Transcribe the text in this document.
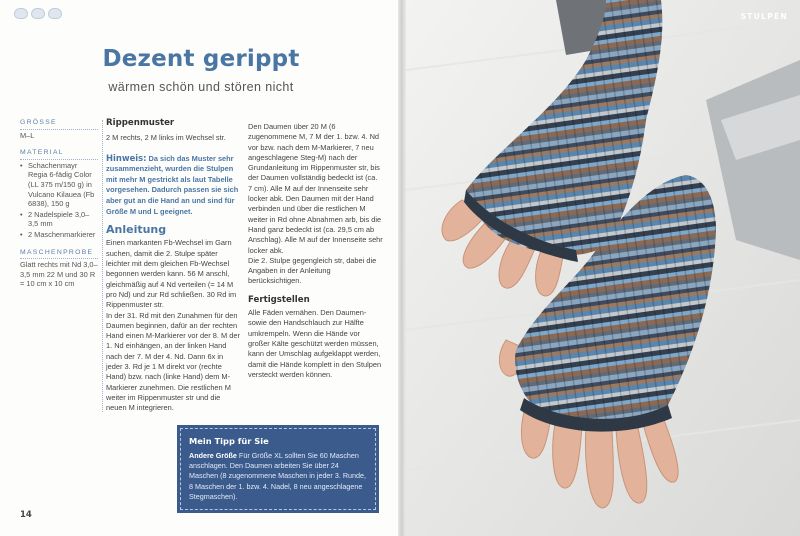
Dezent gerippt
wärmen schön und stören nicht
GRÖSSE
M–L
MATERIAL
• Schachenmayr Regia 6-fädig Color (LL 375 m/150 g) in Vulcano Kilauea (Fb 6838), 150 g
• 2 Nadelspiele 3,0–3,5 mm
• 2 Maschenmarkierer
MASCHENPROBE
Glatt rechts mit Nd 3,0–3,5 mm 22 M und 30 R = 10 cm x 10 cm
Rippenmuster

2 M rechts, 2 M links im Wechsel str.

Hinweis: Da sich das Muster sehr zusammenzieht, wurden die Stulpen mit mehr M gestrickt als laut Tabelle vorgesehen. Dadurch passen sie sich aber gut an die Hand an und sind für Größe M und L geeignet.
Anleitung

Einen markanten Fb-Wechsel im Garn suchen, damit die 2. Stulpe später leichter mit dem gleichen Fb-Wechsel begonnen werden kann. 56 M anschl, gleichmäßig auf 4 Nd verteilen (= 14 M pro Nd) und zur Rd schließen. 30 Rd im Rippenmuster str.

In der 31. Rd mit den Zunahmen für den Daumen beginnen, dafür an der rechten Hand einen M-Markierer vor der 8. M der 1. Nd einhängen, an der linken Hand nach der 7. M der 4. Nd. Dann 6x in jeder 3. Rd je 1 M direkt vor (rechte Hand) bzw. nach (linke Hand) dem M-Markierer zunehmen. Die restlichen M weiter im Rippenmuster str und die neuen M integrieren.

Den Daumen über 20 M (6 zugenommene M, 7 M der 1. bzw. 4. Nd vor bzw. nach dem M-Markierer, 7 neu angeschlagene Steg-M) nach der Grundanleitung im Rippenmuster str, bis der Daumen vollständig bedeckt ist (ca. 7 cm). Alle M auf der Innenseite sehr locker abk. Den Daumen mit der Hand verbinden und über die restlichen M weiter in Rd ohne Abnahmen arb, bis die Hand ganz bedeckt ist (ca. 29,5 cm ab Anschlag). Alle M auf der Innenseite sehr locker abk.

Die 2. Stulpe gegengleich str, dabei die Angaben in der Anleitung berücksichtigen.

Fertigstellen

Alle Fäden vernähen. Den Daumen- sowie den Handschlauch zur Hälfte umkrempeln. Wenn die Hände vor großer Kälte geschützt werden müssen, kann der Umschlag aufgeklappt werden, damit die Hände komplett in den Stulpen versteckt werden können.

Mein Tipp für Sie
Andere Größe Für Größe XL sollten Sie 60 Maschen anschlagen. Den Daumen arbeiten Sie über 24 Maschen (8 zugenommene Maschen in jeder 3. Runde, 8 Maschen der 1. bzw. 4. Nadel, 8 neu angeschlagene Stegmaschen).
14
STULPEN
